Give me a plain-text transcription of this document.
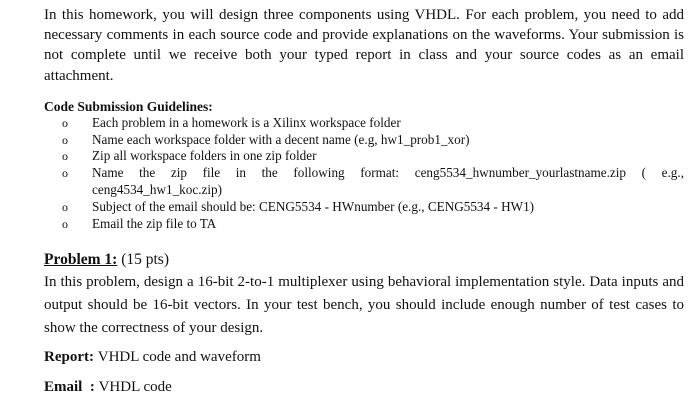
In this homework, you will design three components using VHDL. For each problem, you need to add necessary comments in each source code and provide explanations on the waveforms. Your submission is not complete until we receive both your typed report in class and your source codes as an email attachment.

Code Submission Guidelines:
o Each problem in a homework is a Xilinx workspace folder
o Name each workspace folder with a decent name (e.g, hw1_prob1_xor)
o Zip all workspace folders in one zip folder
o Name the zip file in the following format: ceng5534_hwnumber_yourlastname.zip ( e.g., ceng4534_hw1_koc.zip)
o Subject of the email should be: CENG5534 - HWnumber (e.g., CENG5534 - HW1)
o Email the zip file to TA

Problem 1: (15 pts)

In this problem, design a 16-bit 2-to-1 multiplexer using behavioral implementation style. Data inputs and output should be 16-bit vectors. In your test bench, you should include enough number of test cases to show the correctness of your design.

Report: VHDL code and waveform

Email  : VHDL code
